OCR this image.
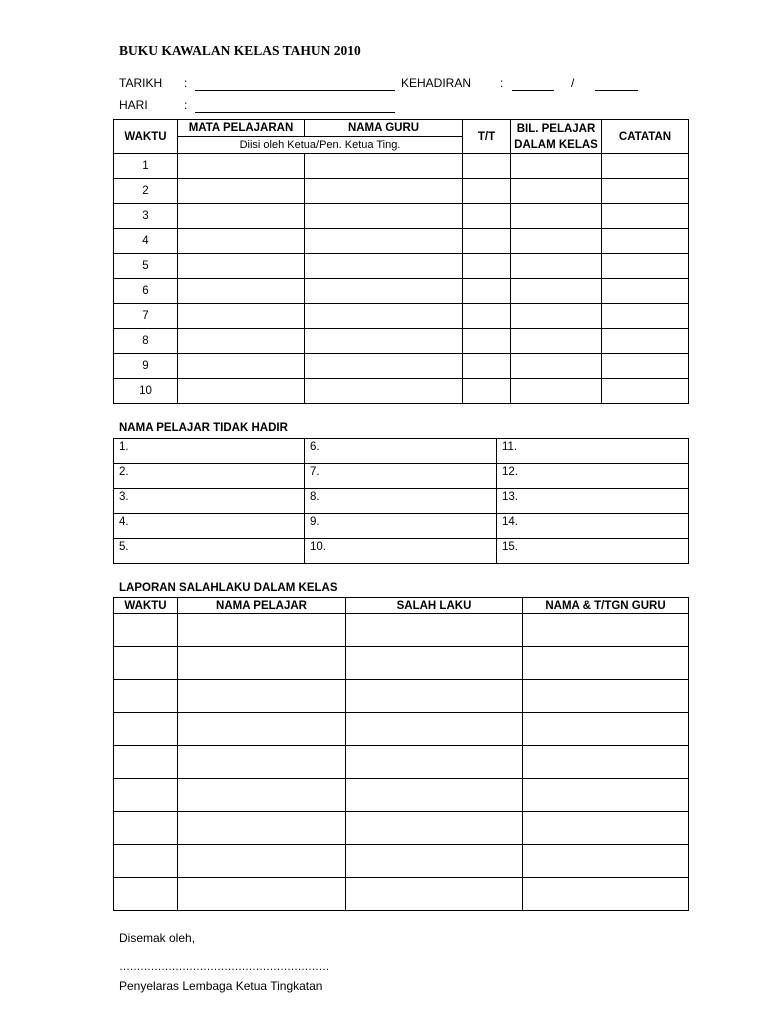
BUKU KAWALAN KELAS TAHUN 2010
TARIKH :	KEHADIRAN :	/
HARI	:
WAKTU	MATA PELAJARAN	NAMA GURU	T/T	BIL. PELAJAR DALAM KELAS	CATATAN
	Diisi oleh Ketua/Pen. Ketua Ting.				
1					
2					
3					
4					
5					
6					
7					
8					
9					
10					
NAMA PELAJAR TIDAK HADIR
1.	6.	11.
2.	7.	12.
3.	8.	13.
4.	9.	14.
5.	10.	15.
LAPORAN SALAHLAKU DALAM KELAS
WAKTU	NAMA PELAJAR	SALAH LAKU	NAMA & T/TGN GURU

Disemak oleh,
……………………………………………………
Penyelaras Lembaga Ketua Tingkatan
